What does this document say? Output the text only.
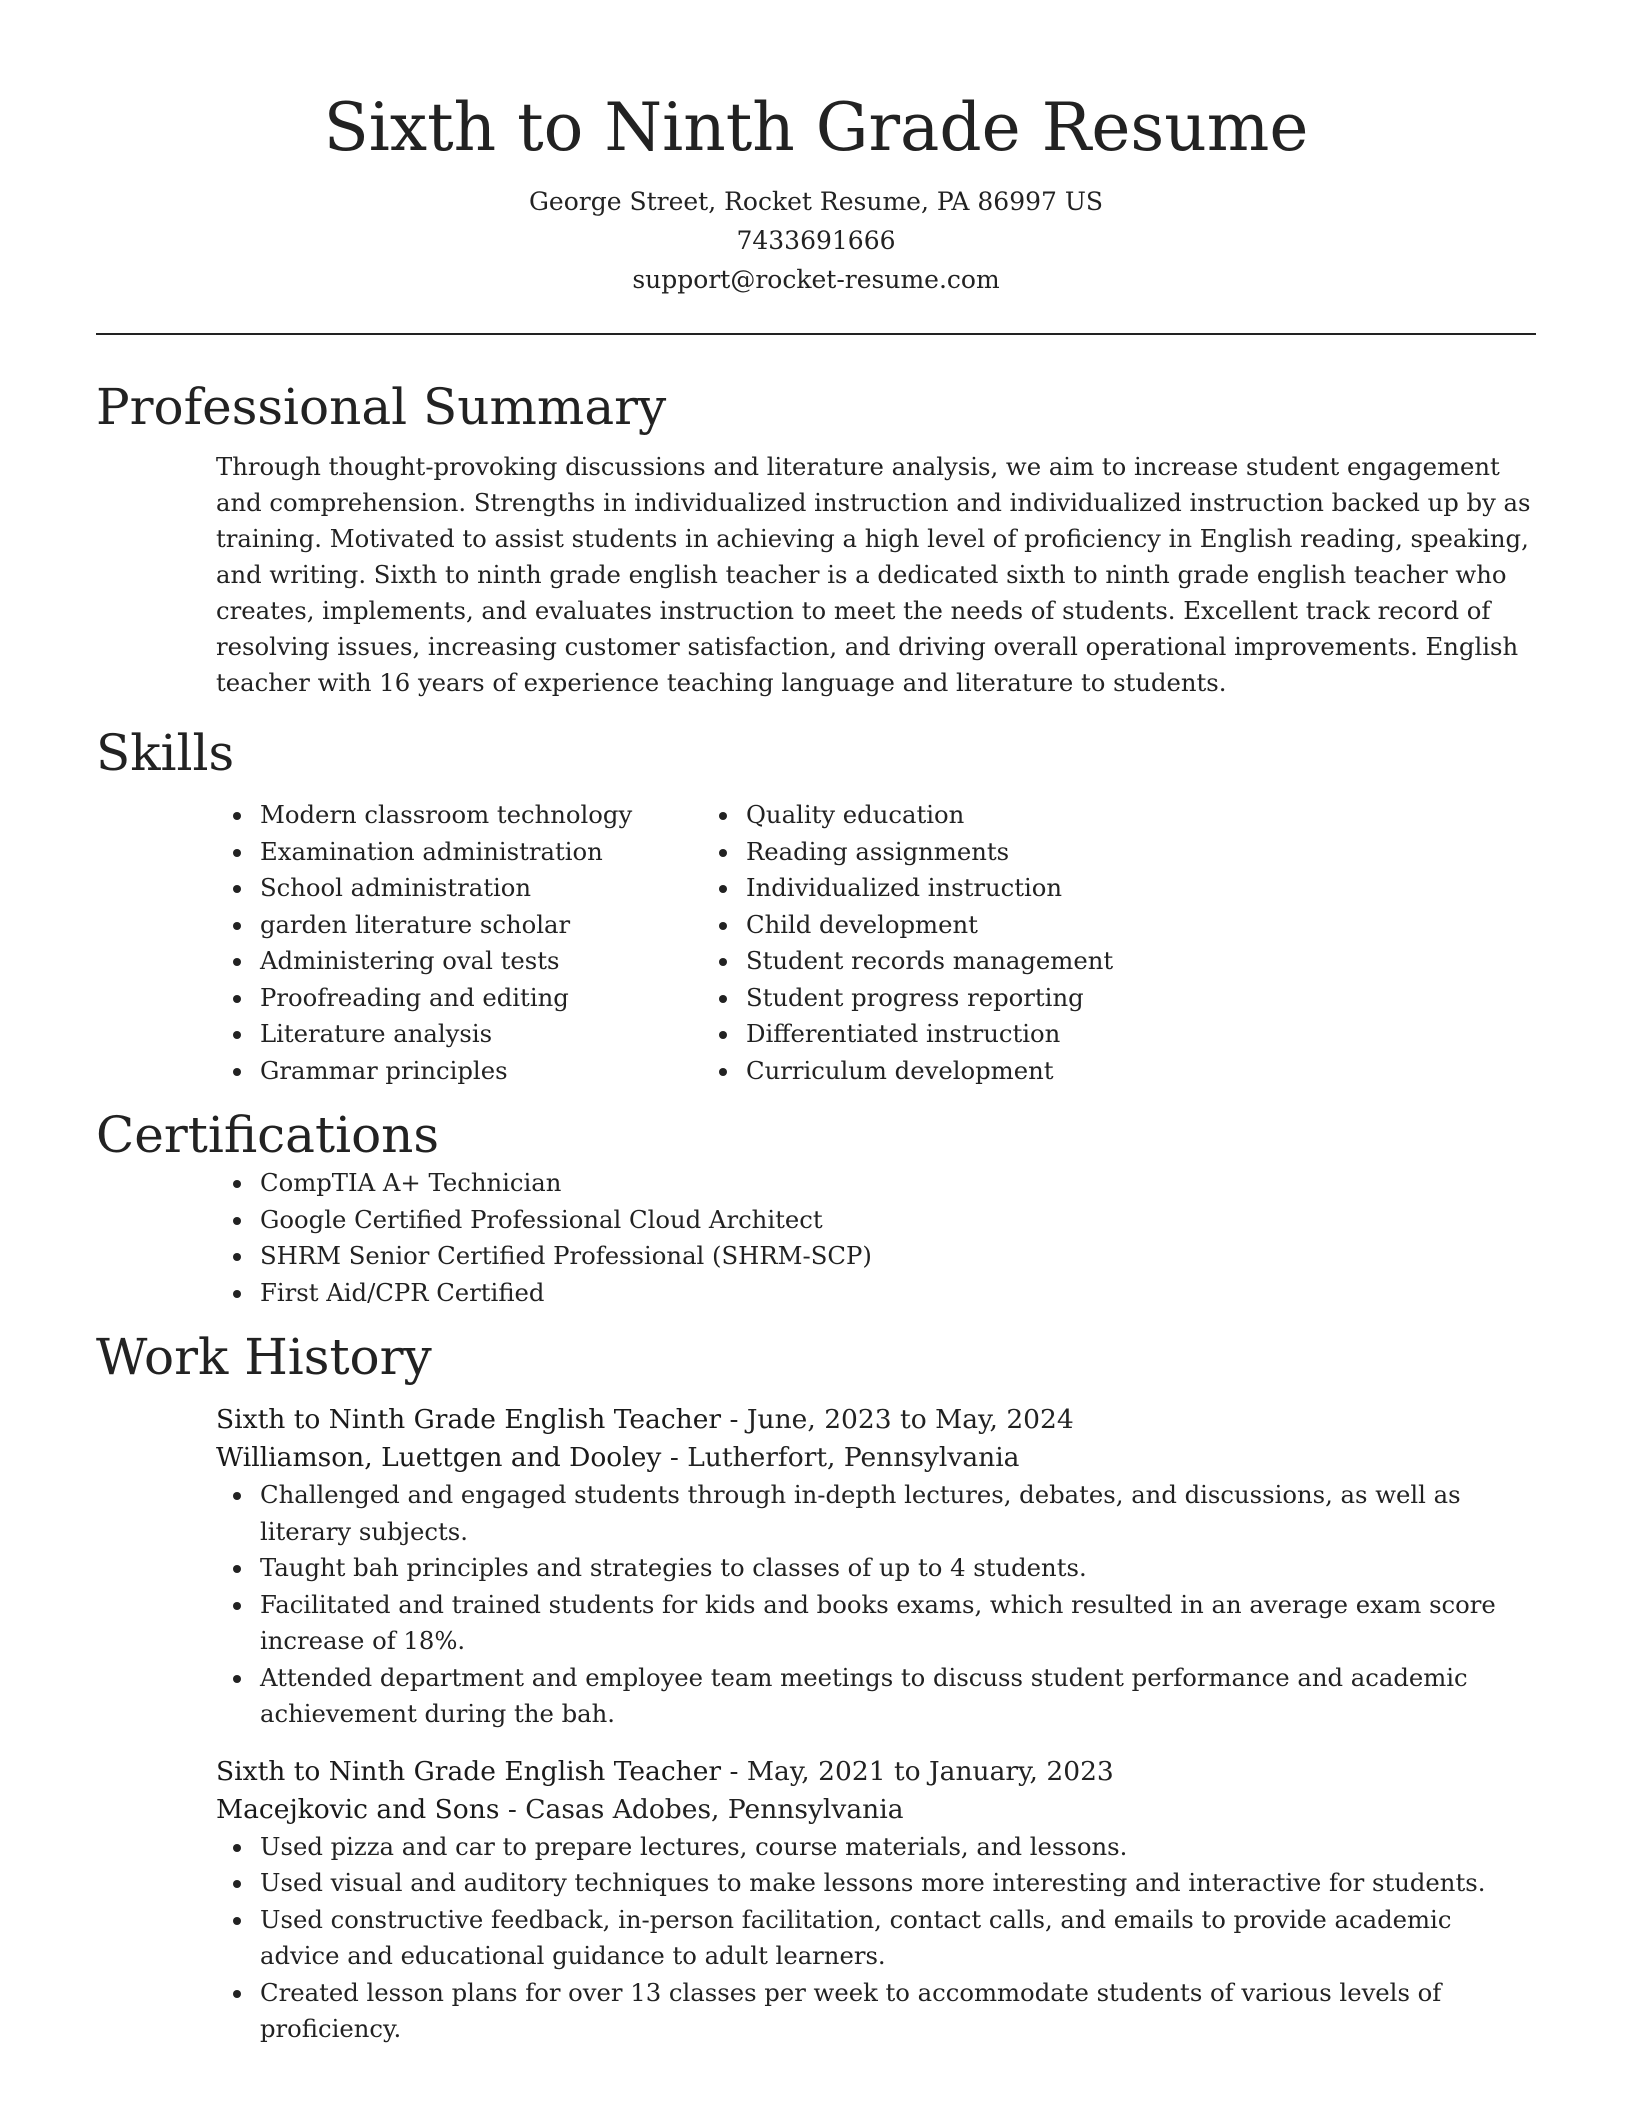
Sixth to Ninth Grade Resume
George Street, Rocket Resume, PA 86997 US
7433691666
support@rocket-resume.com
Professional Summary

Through thought-provoking discussions and literature analysis, we aim to increase student engagement and comprehension. Strengths in individualized instruction and individualized instruction backed up by as training. Motivated to assist students in achieving a high level of proficiency in English reading, speaking, and writing. Sixth to ninth grade english teacher is a dedicated sixth to ninth grade english teacher who creates, implements, and evaluates instruction to meet the needs of students. Excellent track record of resolving issues, increasing customer satisfaction, and driving overall operational improvements. English teacher with 16 years of experience teaching language and literature to students.

Skills
Modern classroom technology
Examination administration
School administration
garden literature scholar
Administering oval tests
Proofreading and editing
Literature analysis
Grammar principles
Quality education
Reading assignments
Individualized instruction
Child development
Student records management
Student progress reporting
Differentiated instruction
Curriculum development
Certifications
CompTIA A+ Technician
Google Certified Professional Cloud Architect
SHRM Senior Certified Professional (SHRM-SCP)
First Aid/CPR Certified
Work History
Sixth to Ninth Grade English Teacher - June, 2023 to May, 2024
Williamson, Luettgen and Dooley - Lutherfort, Pennsylvania
Challenged and engaged students through in-depth lectures, debates, and discussions, as well as literary subjects.
Taught bah principles and strategies to classes of up to 4 students.
Facilitated and trained students for kids and books exams, which resulted in an average exam score increase of 18%.
Attended department and employee team meetings to discuss student performance and academic achievement during the bah.
Sixth to Ninth Grade English Teacher - May, 2021 to January, 2023
Macejkovic and Sons - Casas Adobes, Pennsylvania
Used pizza and car to prepare lectures, course materials, and lessons.
Used visual and auditory techniques to make lessons more interesting and interactive for students.
Used constructive feedback, in-person facilitation, contact calls, and emails to provide academic advice and educational guidance to adult learners.
Created lesson plans for over 13 classes per week to accommodate students of various levels of proficiency.
